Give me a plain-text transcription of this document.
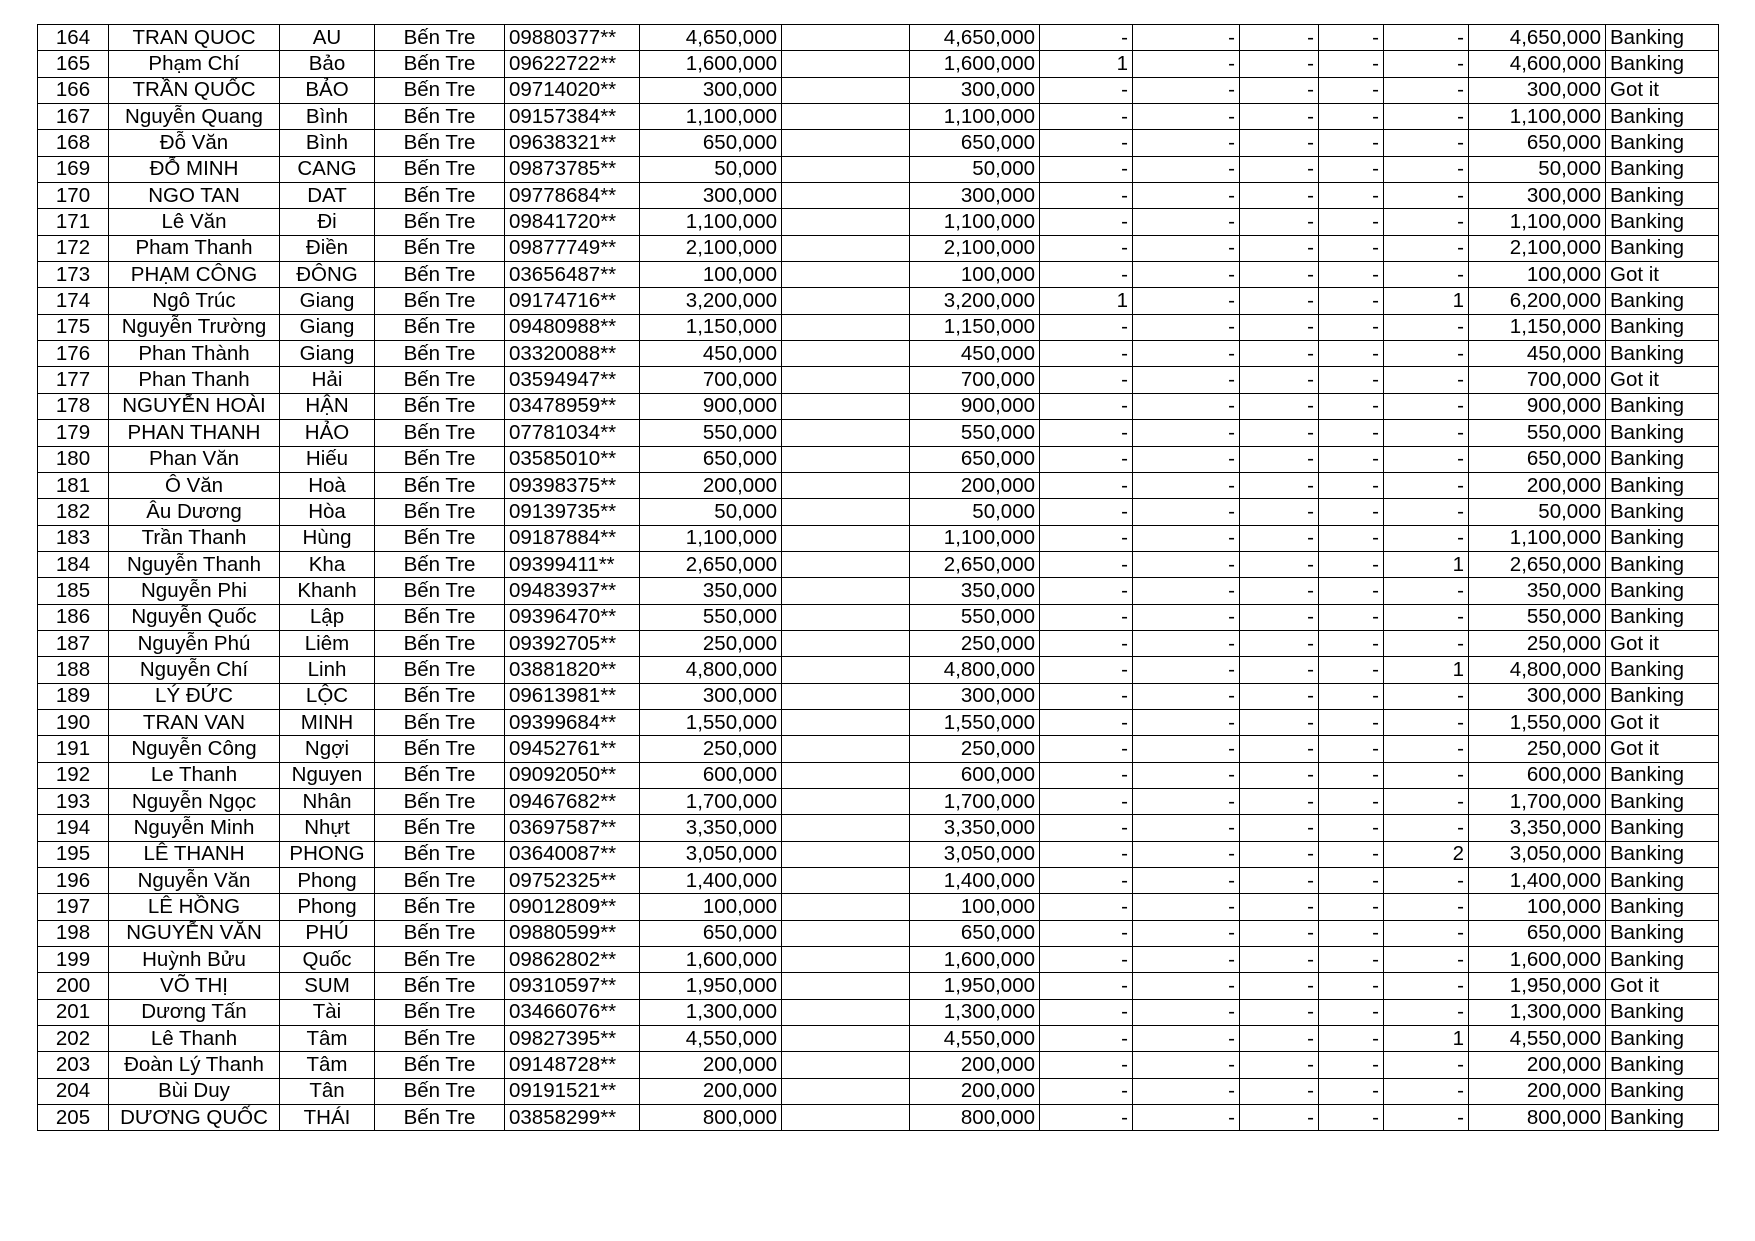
164	TRAN QUOC	AU	Bến Tre	09880377**	4,650,000		4,650,000	-	-	-	-	-	4,650,000	Banking
165	Phạm Chí	Bảo	Bến Tre	09622722**	1,600,000		1,600,000	1	-	-	-	-	4,600,000	Banking
166	TRẦN QUỐC	BẢO	Bến Tre	09714020**	300,000		300,000	-	-	-	-	-	300,000	Got it
167	Nguyễn Quang	Bình	Bến Tre	09157384**	1,100,000		1,100,000	-	-	-	-	-	1,100,000	Banking
168	Đỗ Văn	Bình	Bến Tre	09638321**	650,000		650,000	-	-	-	-	-	650,000	Banking
169	ĐỖ MINH	CANG	Bến Tre	09873785**	50,000		50,000	-	-	-	-	-	50,000	Banking
170	NGO TAN	DAT	Bến Tre	09778684**	300,000		300,000	-	-	-	-	-	300,000	Banking
171	Lê Văn	Đi	Bến Tre	09841720**	1,100,000		1,100,000	-	-	-	-	-	1,100,000	Banking
172	Pham Thanh	Điền	Bến Tre	09877749**	2,100,000		2,100,000	-	-	-	-	-	2,100,000	Banking
173	PHẠM CÔNG	ĐÔNG	Bến Tre	03656487**	100,000		100,000	-	-	-	-	-	100,000	Got it
174	Ngô Trúc	Giang	Bến Tre	09174716**	3,200,000		3,200,000	1	-	-	-	1	6,200,000	Banking
175	Nguyễn Trường	Giang	Bến Tre	09480988**	1,150,000		1,150,000	-	-	-	-	-	1,150,000	Banking
176	Phan Thành	Giang	Bến Tre	03320088**	450,000		450,000	-	-	-	-	-	450,000	Banking
177	Phan Thanh	Hải	Bến Tre	03594947**	700,000		700,000	-	-	-	-	-	700,000	Got it
178	NGUYỄN HOÀI	HẬN	Bến Tre	03478959**	900,000		900,000	-	-	-	-	-	900,000	Banking
179	PHAN THANH	HẢO	Bến Tre	07781034**	550,000		550,000	-	-	-	-	-	550,000	Banking
180	Phan Văn	Hiếu	Bến Tre	03585010**	650,000		650,000	-	-	-	-	-	650,000	Banking
181	Ô Văn	Hoà	Bến Tre	09398375**	200,000		200,000	-	-	-	-	-	200,000	Banking
182	Âu Dương	Hòa	Bến Tre	09139735**	50,000		50,000	-	-	-	-	-	50,000	Banking
183	Trần Thanh	Hùng	Bến Tre	09187884**	1,100,000		1,100,000	-	-	-	-	-	1,100,000	Banking
184	Nguyễn Thanh	Kha	Bến Tre	09399411**	2,650,000		2,650,000	-	-	-	-	1	2,650,000	Banking
185	Nguyễn Phi	Khanh	Bến Tre	09483937**	350,000		350,000	-	-	-	-	-	350,000	Banking
186	Nguyễn Quốc	Lập	Bến Tre	09396470**	550,000		550,000	-	-	-	-	-	550,000	Banking
187	Nguyễn Phú	Liêm	Bến Tre	09392705**	250,000		250,000	-	-	-	-	-	250,000	Got it
188	Nguyễn Chí	Linh	Bến Tre	03881820**	4,800,000		4,800,000	-	-	-	-	1	4,800,000	Banking
189	LÝ ĐỨC	LỘC	Bến Tre	09613981**	300,000		300,000	-	-	-	-	-	300,000	Banking
190	TRAN VAN	MINH	Bến Tre	09399684**	1,550,000		1,550,000	-	-	-	-	-	1,550,000	Got it
191	Nguyễn Công	Ngợi	Bến Tre	09452761**	250,000		250,000	-	-	-	-	-	250,000	Got it
192	Le Thanh	Nguyen	Bến Tre	09092050**	600,000		600,000	-	-	-	-	-	600,000	Banking
193	Nguyễn Ngọc	Nhân	Bến Tre	09467682**	1,700,000		1,700,000	-	-	-	-	-	1,700,000	Banking
194	Nguyễn Minh	Nhựt	Bến Tre	03697587**	3,350,000		3,350,000	-	-	-	-	-	3,350,000	Banking
195	LÊ THANH	PHONG	Bến Tre	03640087**	3,050,000		3,050,000	-	-	-	-	2	3,050,000	Banking
196	Nguyễn Văn	Phong	Bến Tre	09752325**	1,400,000		1,400,000	-	-	-	-	-	1,400,000	Banking
197	LÊ HỒNG	Phong	Bến Tre	09012809**	100,000		100,000	-	-	-	-	-	100,000	Banking
198	NGUYỄN VĂN	PHÚ	Bến Tre	09880599**	650,000		650,000	-	-	-	-	-	650,000	Banking
199	Huỳnh Bửu	Quốc	Bến Tre	09862802**	1,600,000		1,600,000	-	-	-	-	-	1,600,000	Banking
200	VÕ THỊ	SUM	Bến Tre	09310597**	1,950,000		1,950,000	-	-	-	-	-	1,950,000	Got it
201	Dương Tấn	Tài	Bến Tre	03466076**	1,300,000		1,300,000	-	-	-	-	-	1,300,000	Banking
202	Lê Thanh	Tâm	Bến Tre	09827395**	4,550,000		4,550,000	-	-	-	-	1	4,550,000	Banking
203	Đoàn Lý Thanh	Tâm	Bến Tre	09148728**	200,000		200,000	-	-	-	-	-	200,000	Banking
204	Bùi Duy	Tân	Bến Tre	09191521**	200,000		200,000	-	-	-	-	-	200,000	Banking
205	DƯƠNG QUỐC	THÁI	Bến Tre	03858299**	800,000		800,000	-	-	-	-	-	800,000	Banking
